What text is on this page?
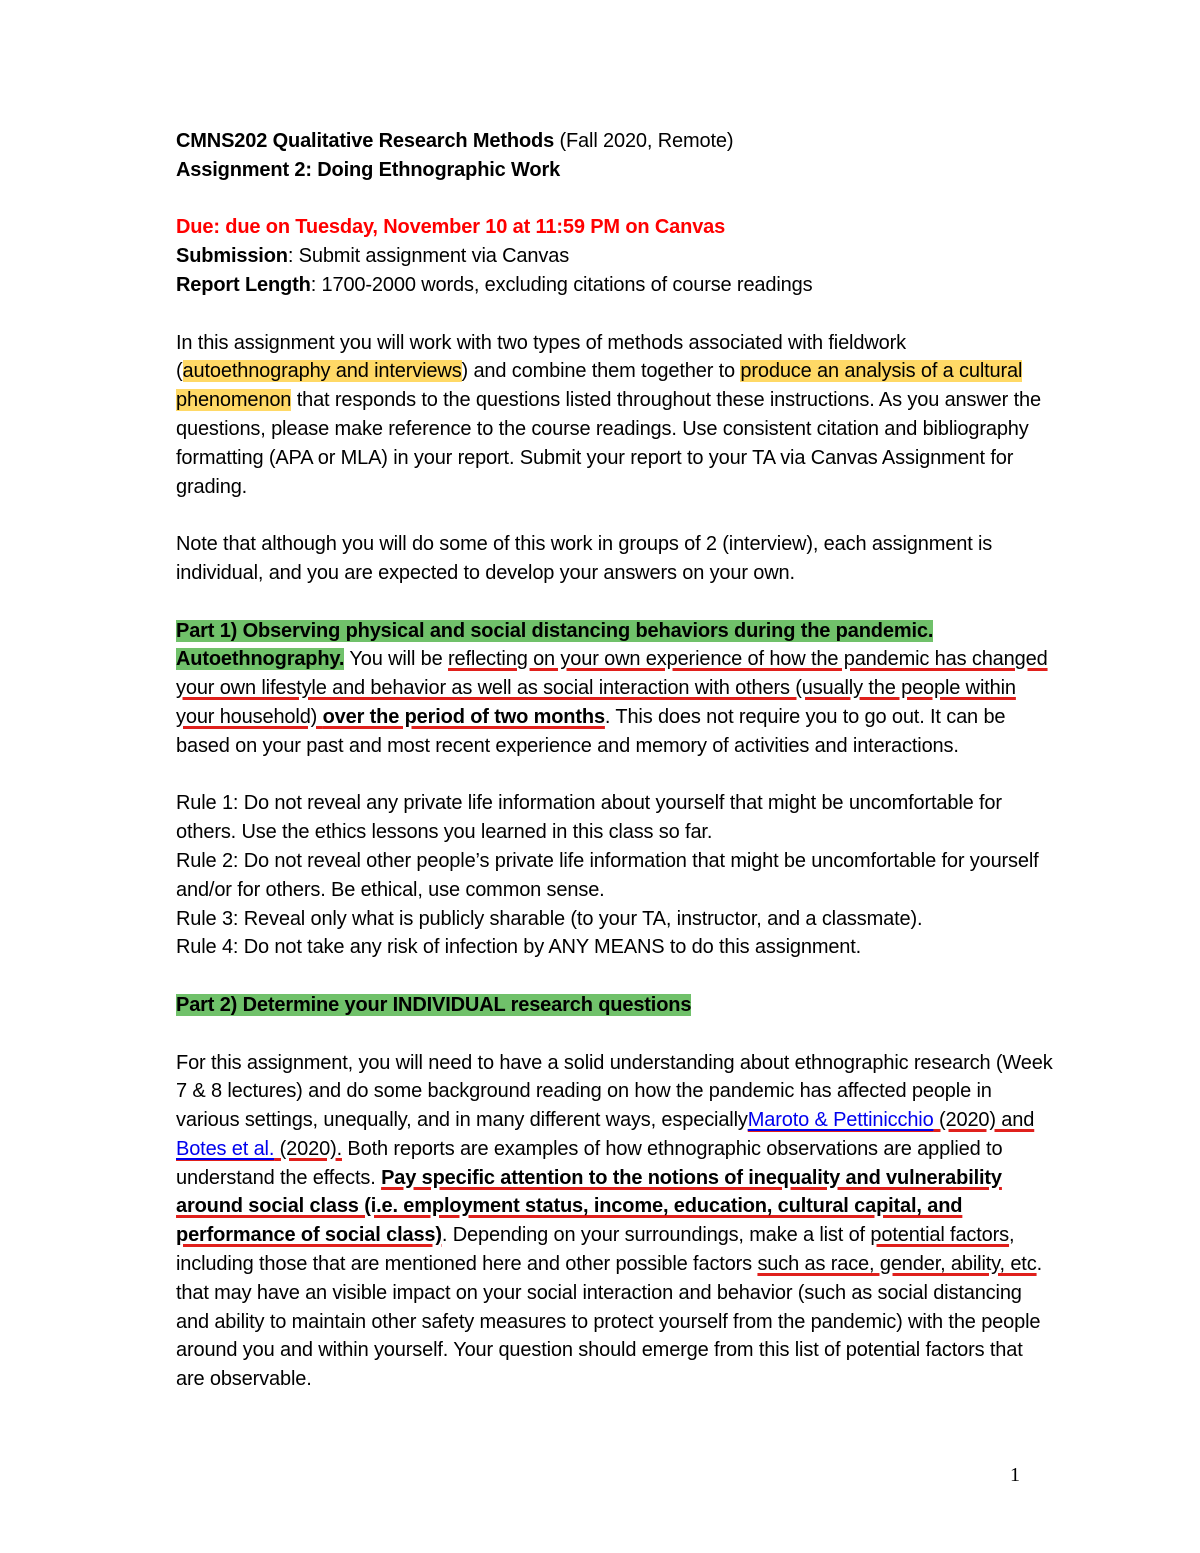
CMNS202 Qualitative Research Methods (Fall 2020, Remote)

Assignment 2: Doing Ethnographic Work

Due: due on Tuesday, November 10 at 11:59 PM on Canvas

Submission: Submit assignment via Canvas

Report Length: 1700-2000 words, excluding citations of course readings

In this assignment you will work with two types of methods associated with fieldwork (autoethnography and interviews) and combine them together to produce an analysis of a cultural phenomenon that responds to the questions listed throughout these instructions. As you answer the questions, please make reference to the course readings. Use consistent citation and bibliography formatting (APA or MLA) in your report. Submit your report to your TA via Canvas Assignment for grading.

Note that although you will do some of this work in groups of 2 (interview), each assignment is individual, and you are expected to develop your answers on your own.

Part 1) Observing physical and social distancing behaviors during the pandemic. Autoethnography. You will be reflecting on your own experience of how the pandemic has changed your own lifestyle and behavior as well as social interaction with others (usually the people within your household) over the period of two months. This does not require you to go out. It can be based on your past and most recent experience and memory of activities and interactions.

Rule 1: Do not reveal any private life information about yourself that might be uncomfortable for others. Use the ethics lessons you learned in this class so far.

Rule 2: Do not reveal other people’s private life information that might be uncomfortable for yourself and/or for others. Be ethical, use common sense.

Rule 3: Reveal only what is publicly sharable (to your TA, instructor, and a classmate).

Rule 4: Do not take any risk of infection by ANY MEANS to do this assignment.

Part 2) Determine your INDIVIDUAL research questions

For this assignment, you will need to have a solid understanding about ethnographic research (Week 7 & 8 lectures) and do some background reading on how the pandemic has affected people in various settings, unequally, and in many different ways, especiallyMaroto & Pettinicchio (2020) and Botes et al. (2020). Both reports are examples of how ethnographic observations are applied to understand the effects. Pay specific attention to the notions of inequality and vulnerability around social class (i.e. employment status, income, education, cultural capital, and performance of social class). Depending on your surroundings, make a list of potential factors, including those that are mentioned here and other possible factors such as race, gender, ability, etc. that may have an visible impact on your social interaction and behavior (such as social distancing and ability to maintain other safety measures to protect yourself from the pandemic) with the people around you and within yourself. Your question should emerge from this list of potential factors that are observable.

1
